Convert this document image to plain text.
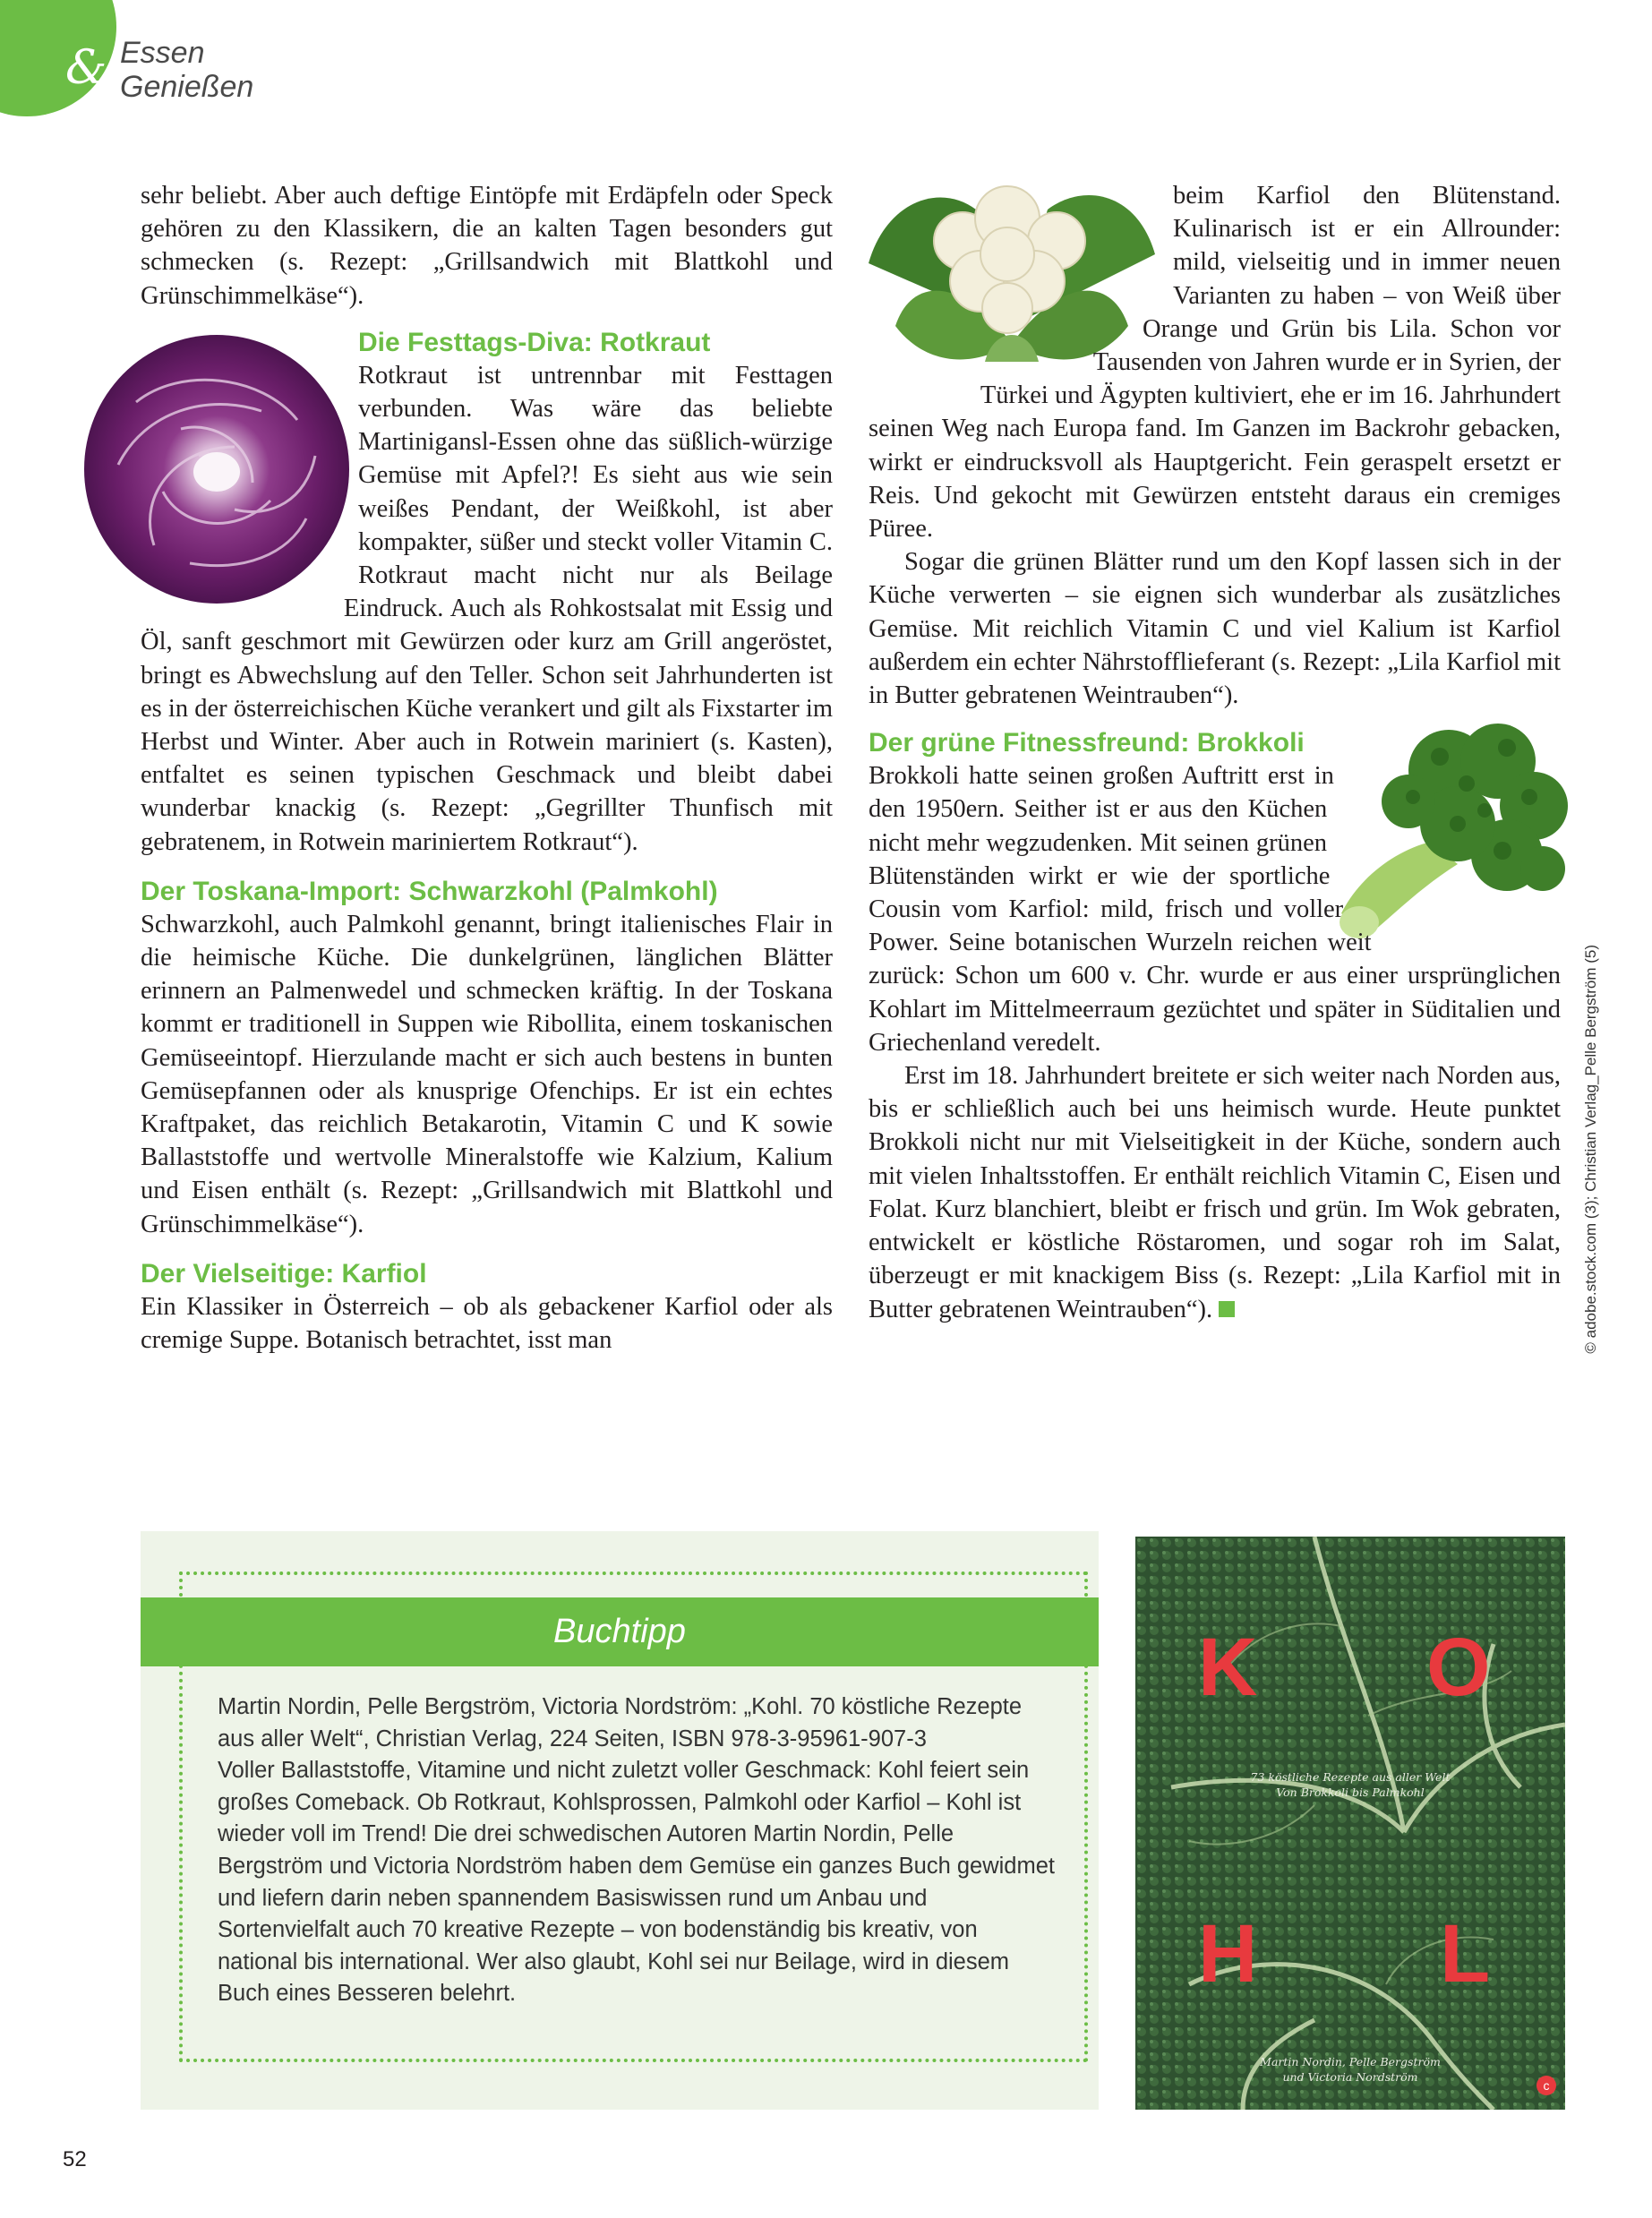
& Essen
Genießen

sehr beliebt. Aber auch deftige Eintöpfe mit Erdäpfeln oder Speck gehören zu den Klassikern, die an kalten Tagen besonders gut schmecken (s. Rezept: „Grillsandwich mit Blattkohl und Grünschimmelkäse“).

Die Festtags-Diva: Rotkraut

Rotkraut ist untrennbar mit Festtagen verbunden. Was wäre das beliebte Martinigansl-Essen ohne das süßlich-würzige Gemüse mit Apfel?! Es sieht aus wie sein weißes Pendant, der Weißkohl, ist aber kompakter, süßer und steckt voller Vitamin C. Rotkraut macht nicht nur als Beilage Eindruck. Auch als Rohkostsalat mit Essig und Öl, sanft geschmort mit Gewürzen oder kurz am Grill angeröstet, bringt es Abwechslung auf den Teller. Schon seit Jahrhunderten ist es in der österreichischen Küche verankert und gilt als Fixstarter im Herbst und Winter. Aber auch in Rotwein mariniert (s. Kasten), entfaltet es seinen typischen Geschmack und bleibt dabei wunderbar knackig (s. Rezept: „Gegrillter Thunfisch mit gebratenem, in Rotwein mariniertem Rotkraut“).

Der Toskana-Import: Schwarzkohl (Palmkohl)

Schwarzkohl, auch Palmkohl genannt, bringt italienisches Flair in die heimische Küche. Die dunkelgrünen, länglichen Blätter erinnern an Palmenwedel und schmecken kräftig. In der Toskana kommt er traditionell in Suppen wie Ribollita, einem toskanischen Gemüseeintopf. Hierzulande macht er sich auch bestens in bunten Gemüsepfannen oder als knusprige Ofenchips. Er ist ein echtes Kraftpaket, das reichlich Betakarotin, Vitamin C und K sowie Ballaststoffe und wertvolle Mineralstoffe wie Kalzium, Kalium und Eisen enthält (s. Rezept: „Grillsandwich mit Blattkohl und Grünschimmelkäse“).

Der Vielseitige: Karfiol

Ein Klassiker in Österreich – ob als gebackener Karfiol oder als cremige Suppe. Botanisch betrachtet, isst man

beim Karfiol den Blütenstand. Kulinarisch ist er ein Allrounder: mild, vielseitig und in immer neuen Varianten zu haben – von Weiß über Orange und Grün bis Lila. Schon vor Tausenden von Jahren wurde er in Syrien, der Türkei und Ägypten kultiviert, ehe er im 16. Jahrhundert seinen Weg nach Europa fand. Im Ganzen im Backrohr gebacken, wirkt er eindrucksvoll als Hauptgericht. Fein geraspelt ersetzt er Reis. Und gekocht mit Gewürzen entsteht daraus ein cremiges Püree.

Sogar die grünen Blätter rund um den Kopf lassen sich in der Küche verwerten – sie eignen sich wunderbar als zusätzliches Gemüse. Mit reichlich Vitamin C und viel Kalium ist Karfiol außerdem ein echter Nährstofflieferant (s. Rezept: „Lila Karfiol mit in Butter gebratenen Weintrauben“).

Der grüne Fitnessfreund: Brokkoli

Brokkoli hatte seinen großen Auftritt erst in den 1950ern. Seither ist er aus den Küchen nicht mehr wegzudenken. Mit seinen grünen Blütenständen wirkt er wie der sportliche Cousin vom Karfiol: mild, frisch und voller Power. Seine botanischen Wurzeln reichen weit zurück: Schon um 600 v. Chr. wurde er aus einer ursprünglichen Kohlart im Mittelmeerraum gezüchtet und später in Süditalien und Griechenland veredelt.

Erst im 18. Jahrhundert breitete er sich weiter nach Norden aus, bis er schließlich auch bei uns heimisch wurde. Heute punktet Brokkoli nicht nur mit Vielseitigkeit in der Küche, sondern auch mit vielen Inhaltsstoffen. Er enthält reichlich Vitamin C, Eisen und Folat. Kurz blanchiert, bleibt er frisch und grün. Im Wok gebraten, entwickelt er köstliche Röstaromen, und sogar roh im Salat, überzeugt er mit knackigem Biss (s. Rezept: „Lila Karfiol mit in Butter gebratenen Weintrauben“).	© adobe.stock.com (3); Christian Verlag_Pelle Bergström (5)
Buchtipp

Martin Nordin, Pelle Bergström, Victoria Nordström: „Kohl. 70 köstliche Rezepte aus aller Welt“, Christian Verlag, 224 Seiten, ISBN 978-3-95961-907-3

Voller Ballaststoffe, Vitamine und nicht zuletzt voller Geschmack: Kohl feiert sein großes Comeback. Ob Rotkraut, Kohlsprossen, Palmkohl oder Karfiol – Kohl ist wieder voll im Trend! Die drei schwedischen Autoren Martin Nordin, Pelle Bergström und Victoria Nordström haben dem Gemüse ein ganzes Buch gewidmet und liefern darin neben spannendem Basiswissen rund um Anbau und Sortenvielfalt auch 70 kreative Rezepte – von bodenständig bis kreativ, von national bis international. Wer also glaubt, Kohl sei nur Beilage, wird in diesem Buch eines Besseren belehrt.

K O
H L
73 köstliche Rezepte aus aller Welt
Von Brokkoli bis Palmkohl
Martin Nordin, Pelle Bergström
und Victoria Nordström
c
52
